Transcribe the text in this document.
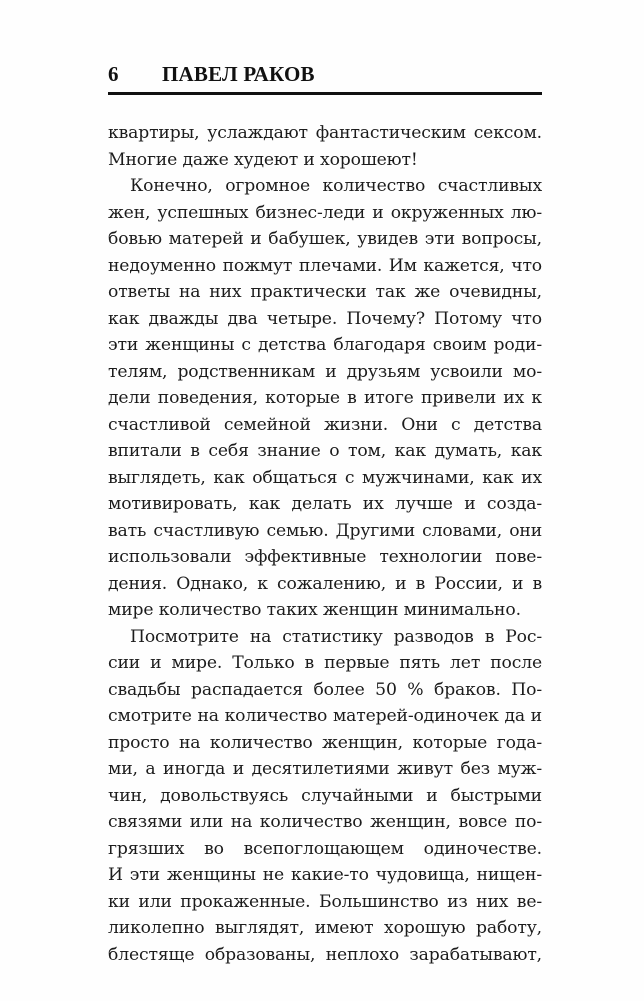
6 ПАВЕЛ РАКОВ
квартиры, услаждают фантастическим сексом.
Многие даже худеют и хорошеют!
Конечно, огромное количество счастливых
жен, успешных бизнес-леди и окруженных лю-
бовью матерей и бабушек, увидев эти вопросы,
недоуменно пожмут плечами. Им кажется, что
ответы на них практически так же очевидны,
как дважды два четыре. Почему? Потому что
эти женщины с детства благодаря своим роди-
телям, родственникам и друзьям усвоили мо-
дели поведения, которые в итоге привели их к
счастливой семейной жизни. Они с детства
впитали в себя знание о том, как думать, как
выглядеть, как общаться с мужчинами, как их
мотивировать, как делать их лучше и созда-
вать счастливую семью. Другими словами, они
использовали эффективные технологии пове-
дения. Однако, к сожалению, и в России, и в
мире количество таких женщин минимально.
Посмотрите на статистику разводов в Рос-
сии и мире. Только в первые пять лет после
свадьбы распадается более 50 % браков. По-
смотрите на количество матерей-одиночек да и
просто на количество женщин, которые года-
ми, а иногда и десятилетиями живут без муж-
чин, довольствуясь случайными и быстрыми
связями или на количество женщин, вовсе по-
грязших во всепоглощающем одиночестве.
И эти женщины не какие-то чудовища, нищен-
ки или прокаженные. Большинство из них ве-
ликолепно выглядят, имеют хорошую работу,
блестяще образованы, неплохо зарабатывают,
